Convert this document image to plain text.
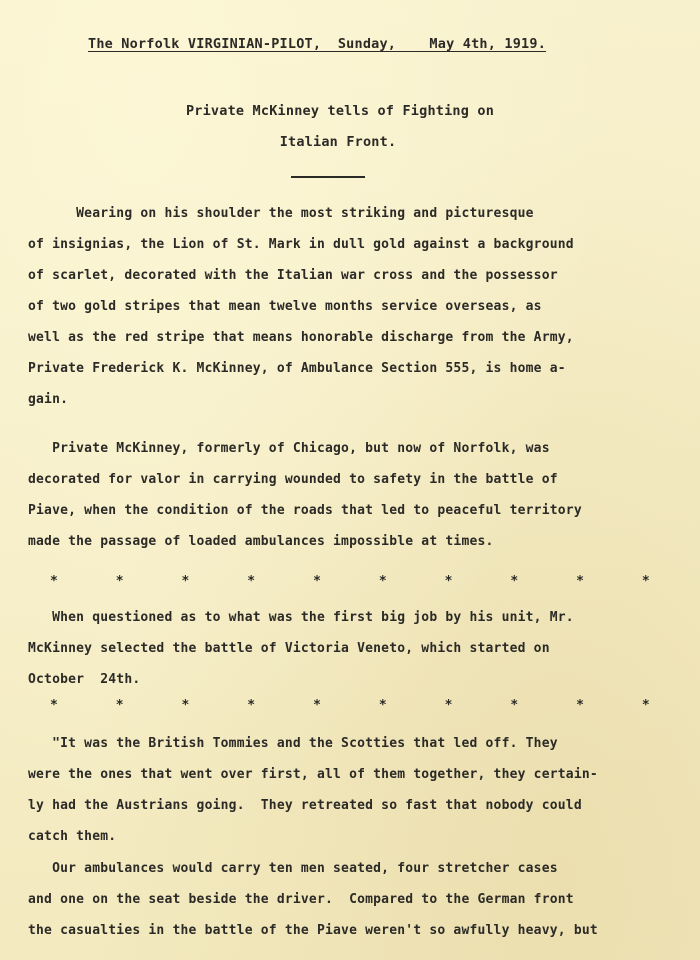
The Norfolk VIRGINIAN-PILOT,  Sunday,    May 4th, 1919.
Private McKinney tells of Fighting on
Italian Front.
Wearing on his shoulder the most striking and picturesque
of insignias, the Lion of St. Mark in dull gold against a background
of scarlet, decorated with the Italian war cross and the possessor
of two gold stripes that mean twelve months service overseas, as
well as the red stripe that means honorable discharge from the Army,
Private Frederick K. McKinney, of Ambulance Section 555, is home a-
gain.
Private McKinney, formerly of Chicago, but now of Norfolk, was
decorated for valor in carrying wounded to safety in the battle of
Piave, when the condition of the roads that led to peaceful territory
made the passage of loaded ambulances impossible at times.
*	*	*	*	*	*	*	*	*	*
When questioned as to what was the first big job by his unit, Mr.
McKinney selected the battle of Victoria Veneto, which started on
October  24th.
*	*	*	*	*	*	*	*	*	*
"It was the British Tommies and the Scotties that led off. They
were the ones that went over first, all of them together, they certain-
ly had the Austrians going.  They retreated so fast that nobody could
catch them.
Our ambulances would carry ten men seated, four stretcher cases
and one on the seat beside the driver.  Compared to the German front
the casualties in the battle of the Piave weren't so awfully heavy, but
